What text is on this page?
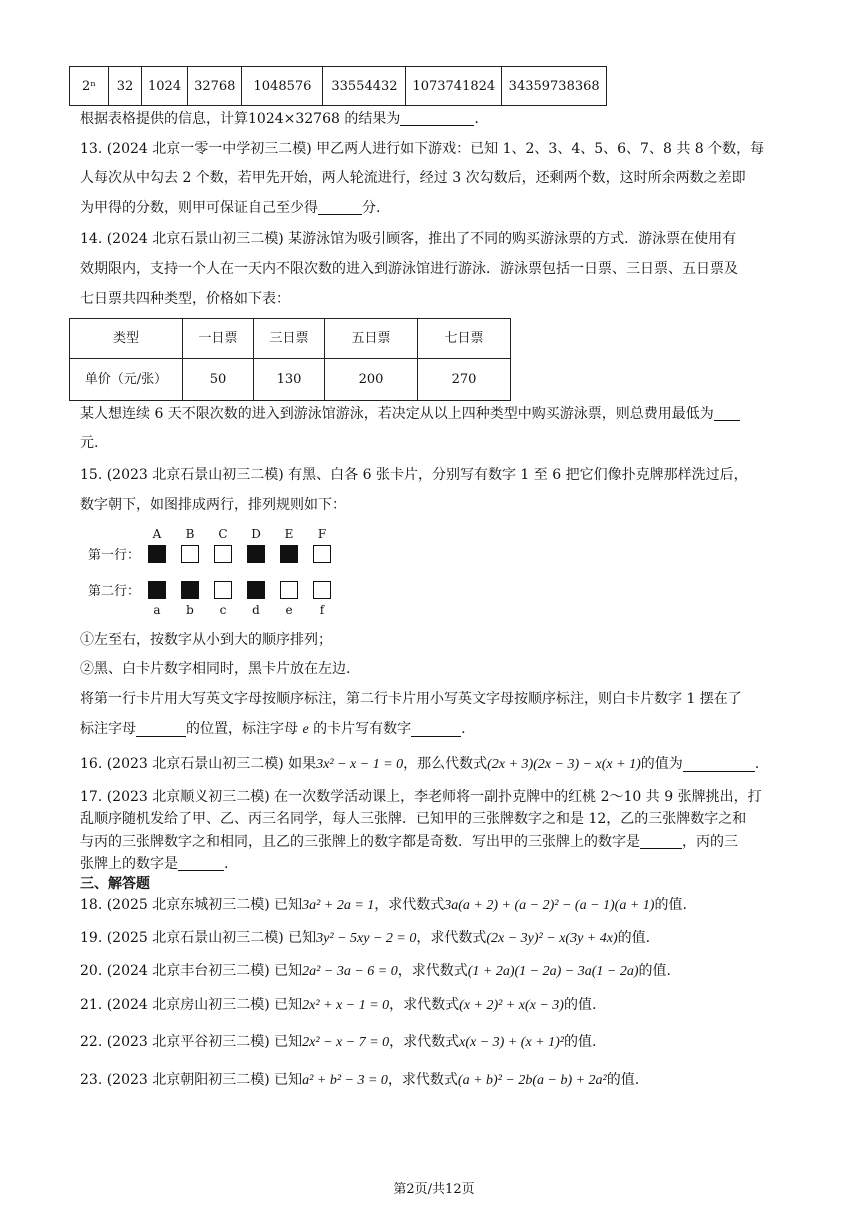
2ⁿ	32	1024	32768	1048576	33554432	1073741824	34359738368
根据表格提供的信息，计算1024×32768 的结果为	.
13. (2024 北京一零一中学初三二模) 甲乙两人进行如下游戏：已知 1、2、3、4、5、6、7、8 共 8 个数，每
人每次从中勾去 2 个数，若甲先开始，两人轮流进行，经过 3 次勾数后，还剩两个数，这时所余两数之差即
为甲得的分数，则甲可保证自己至少得	分.
14. (2024 北京石景山初三二模) 某游泳馆为吸引顾客，推出了不同的购买游泳票的方式．游泳票在使用有
效期限内，支持一个人在一天内不限次数的进入到游泳馆进行游泳．游泳票包括一日票、三日票、五日票及
七日票共四种类型，价格如下表：
类型	一日票	三日票	五日票	七日票
单价（元/张）	50	130	200	270
某人想连续 6 天不限次数的进入到游泳馆游泳，若决定从以上四种类型中购买游泳票，则总费用最低为
元.
15. (2023 北京石景山初三二模) 有黑、白各 6 张卡片，分别写有数字 1 至 6 把它们像扑克牌那样洗过后，
数字朝下，如图排成两行，排列规则如下：
第一行：
第二行：
A
a
B
b
C
c
D
d
E
e
F
f
①左至右，按数字从小到大的顺序排列；
②黑、白卡片数字相同时，黑卡片放在左边.
将第一行卡片用大写英文字母按顺序标注，第二行卡片用小写英文字母按顺序标注，则白卡片数字 1 摆在了
标注字母	的位置，标注字母 e 的卡片写有数字	.
16. (2023 北京石景山初三二模) 如果3x² − x − 1 = 0，那么代数式(2x + 3)(2x − 3) − x(x + 1)的值为	.
17. (2023 北京顺义初三二模) 在一次数学活动课上，李老师将一副扑克牌中的红桃 2～10 共 9 张牌挑出，打
乱顺序随机发给了甲、乙、丙三名同学，每人三张牌．已知甲的三张牌数字之和是 12，乙的三张牌数字之和
与丙的三张牌数字之和相同，且乙的三张牌上的数字都是奇数．写出甲的三张牌上的数字是	，丙的三
张牌上的数字是	.
三、解答题
18. (2025 北京东城初三二模) 已知3a² + 2a = 1，求代数式3a(a + 2) + (a − 2)² − (a − 1)(a + 1)的值.
19. (2025 北京石景山初三二模) 已知3y² − 5xy − 2 = 0，求代数式(2x − 3y)² − x(3y + 4x)的值.
20. (2024 北京丰台初三二模) 已知2a² − 3a − 6 = 0，求代数式(1 + 2a)(1 − 2a) − 3a(1 − 2a)的值.
21. (2024 北京房山初三二模) 已知2x² + x − 1 = 0，求代数式(x + 2)² + x(x − 3)的值.
22. (2023 北京平谷初三二模) 已知2x² − x − 7 = 0，求代数式x(x − 3) + (x + 1)²的值.
23. (2023 北京朝阳初三二模) 已知a² + b² − 3 = 0，求代数式(a + b)² − 2b(a − b) + 2a²的值.
第2页/共12页
